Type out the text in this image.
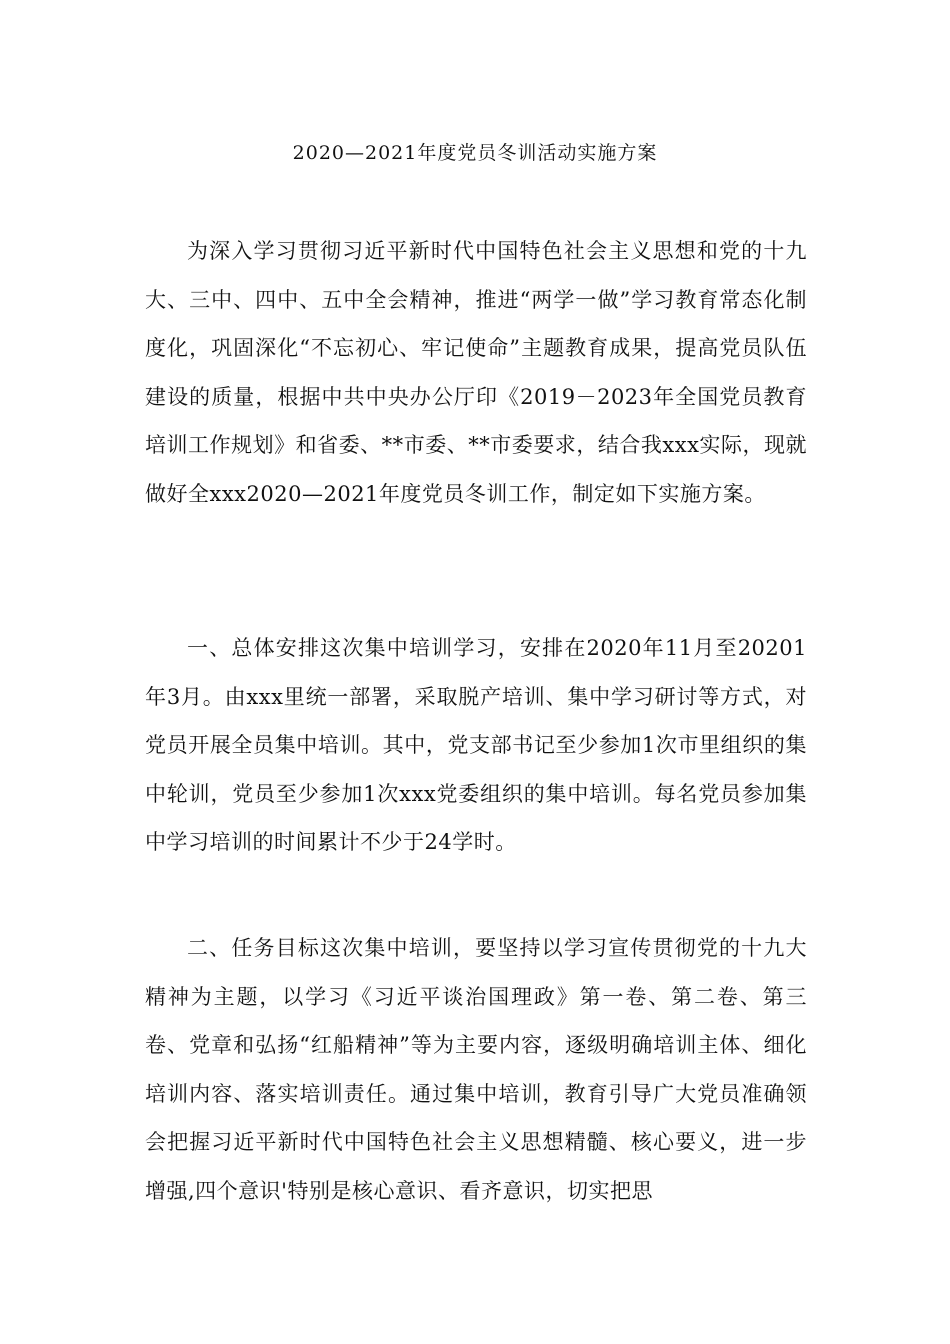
2020—2021年度党员冬训活动实施方案

为深入学习贯彻习近平新时代中国特色社会主义思想和党的十九大、三中、四中、五中全会精神，推进“两学一做”学习教育常态化制度化，巩固深化“不忘初心、牢记使命”主题教育成果，提高党员队伍建设的质量，根据中共中央办公厅印《2019－2023年全国党员教育培训工作规划》和省委、**市委、**市委要求，结合我xxx实际，现就做好全xxx2020—2021年度党员冬训工作，制定如下实施方案。

一、总体安排这次集中培训学习，安排在2020年11月至20201年3月。由xxx里统一部署，采取脱产培训、集中学习研讨等方式，对党员开展全员集中培训。其中，党支部书记至少参加1次市里组织的集中轮训，党员至少参加1次xxx党委组织的集中培训。每名党员参加集中学习培训的时间累计不少于24学时。

二、任务目标这次集中培训，要坚持以学习宣传贯彻党的十九大精神为主题，以学习《习近平谈治国理政》第一卷、第二卷、第三卷、党章和弘扬“红船精神”等为主要内容，逐级明确培训主体、细化培训内容、落实培训责任。通过集中培训，教育引导广大党员准确领会把握习近平新时代中国特色社会主义思想精髓、核心要义，进一步增强,四个意识'特别是核心意识、看齐意识，切实把思
